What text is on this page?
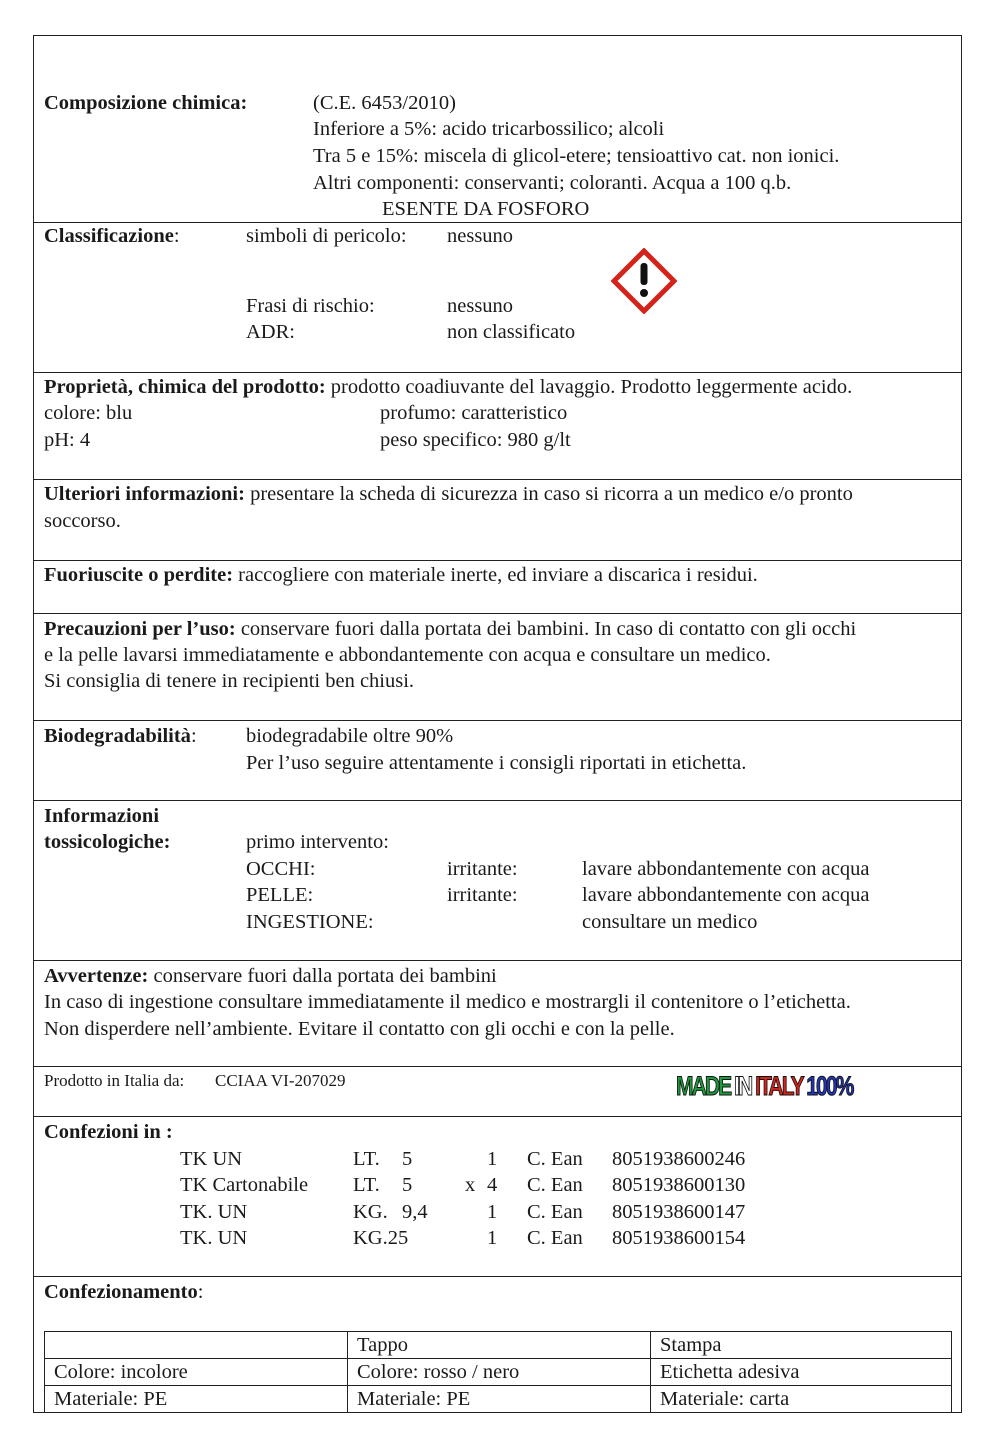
Composizione chimica:	(C.E. 6453/2010)
Inferiore a 5%: acido tricarbossilico; alcoli
Tra 5 e 15%: miscela di glicol-etere; tensioattivo cat. non ionici.
Altri componenti: conservanti; coloranti. Acqua a 100 q.b.
ESENTE DA FOSFORO
Classificazione:	simboli di pericolo: nessuno
Frasi di rischio:	nessuno
ADR:	non classificato
Proprietà, chimica del prodotto: prodotto coadiuvante del lavaggio. Prodotto leggermente acido.
colore: blu	profumo: caratteristico
pH: 4	peso specifico: 980 g/lt
Ulteriori informazioni: presentare la scheda di sicurezza in caso si ricorra a un medico e/o pronto
soccorso.
Fuoriuscite o perdite: raccogliere con materiale inerte, ed inviare a discarica i residui.
Precauzioni per l’uso: conservare fuori dalla portata dei bambini. In caso di contatto con gli occhi
e la pelle lavarsi immediatamente e abbondantemente con acqua e consultare un medico.
Si consiglia di tenere in recipienti ben chiusi.
Biodegradabilità: biodegradabile oltre 90%
Per l’uso seguire attentamente i consigli riportati in etichetta.
Informazioni
tossicologiche:	primo intervento:
OCCHI:	irritante:	lavare abbondantemente con acqua
PELLE:	irritante:	lavare abbondantemente con acqua
INGESTIONE:	consultare un medico
Avvertenze: conservare fuori dalla portata dei bambini
In caso di ingestione consultare immediatamente il medico e mostrargli il contenitore o l’etichetta.
Non disperdere nell’ambiente. Evitare il contatto con gli occhi e con la pelle.
Prodotto in Italia da: CCIAA VI-207029	MADE IN ITALY 100%
Confezioni in :
TK UN	LT. 5	1 C. Ean 8051938600246
TK Cartonabile LT. 5	x 4 C. Ean 8051938600130
TK. UN	KG. 9,4	1 C. Ean 8051938600147
TK. UN	KG.25	1 C. Ean 8051938600154
Confezionamento:
	Tappo	Stampa
Colore: incolore	Colore: rosso / nero	Etichetta adesiva
Materiale: PE	Materiale: PE	Materiale: carta
